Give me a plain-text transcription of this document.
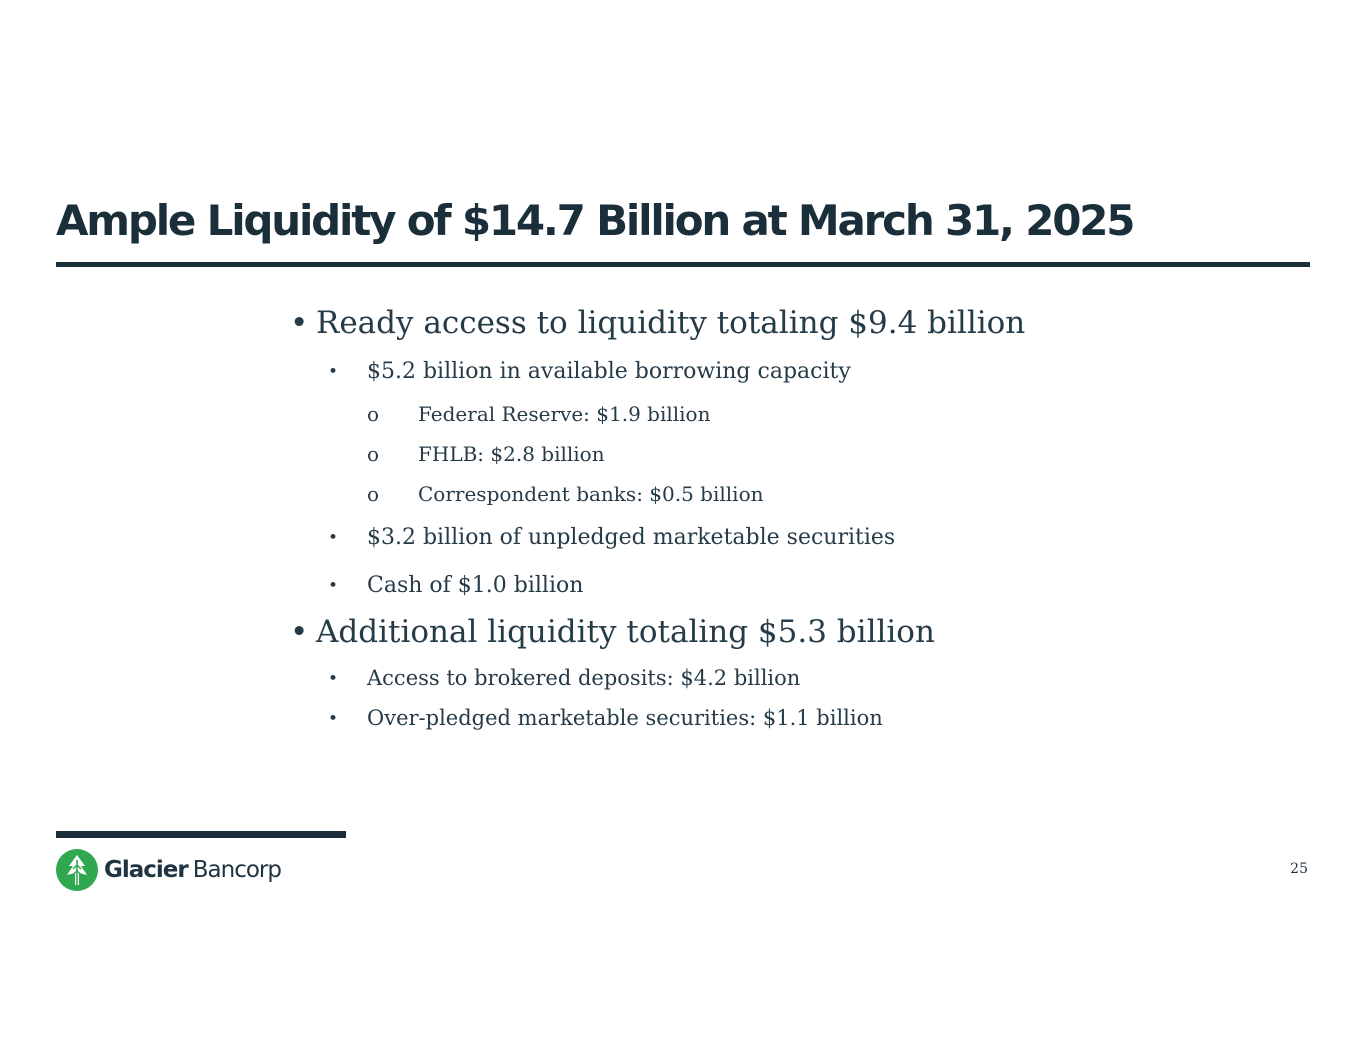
Ample Liquidity of $14.7 Billion at March 31, 2025
• Ready access to liquidity totaling $9.4 billion
• $5.2 billion in available borrowing capacity
o Federal Reserve: $1.9 billion
o FHLB: $2.8 billion
o Correspondent banks: $0.5 billion
• $3.2 billion of unpledged marketable securities
• Cash of $1.0 billion
• Additional liquidity totaling $5.3 billion
• Access to brokered deposits: $4.2 billion
• Over-pledged marketable securities: $1.1 billion
Glacier Bancorp	25
